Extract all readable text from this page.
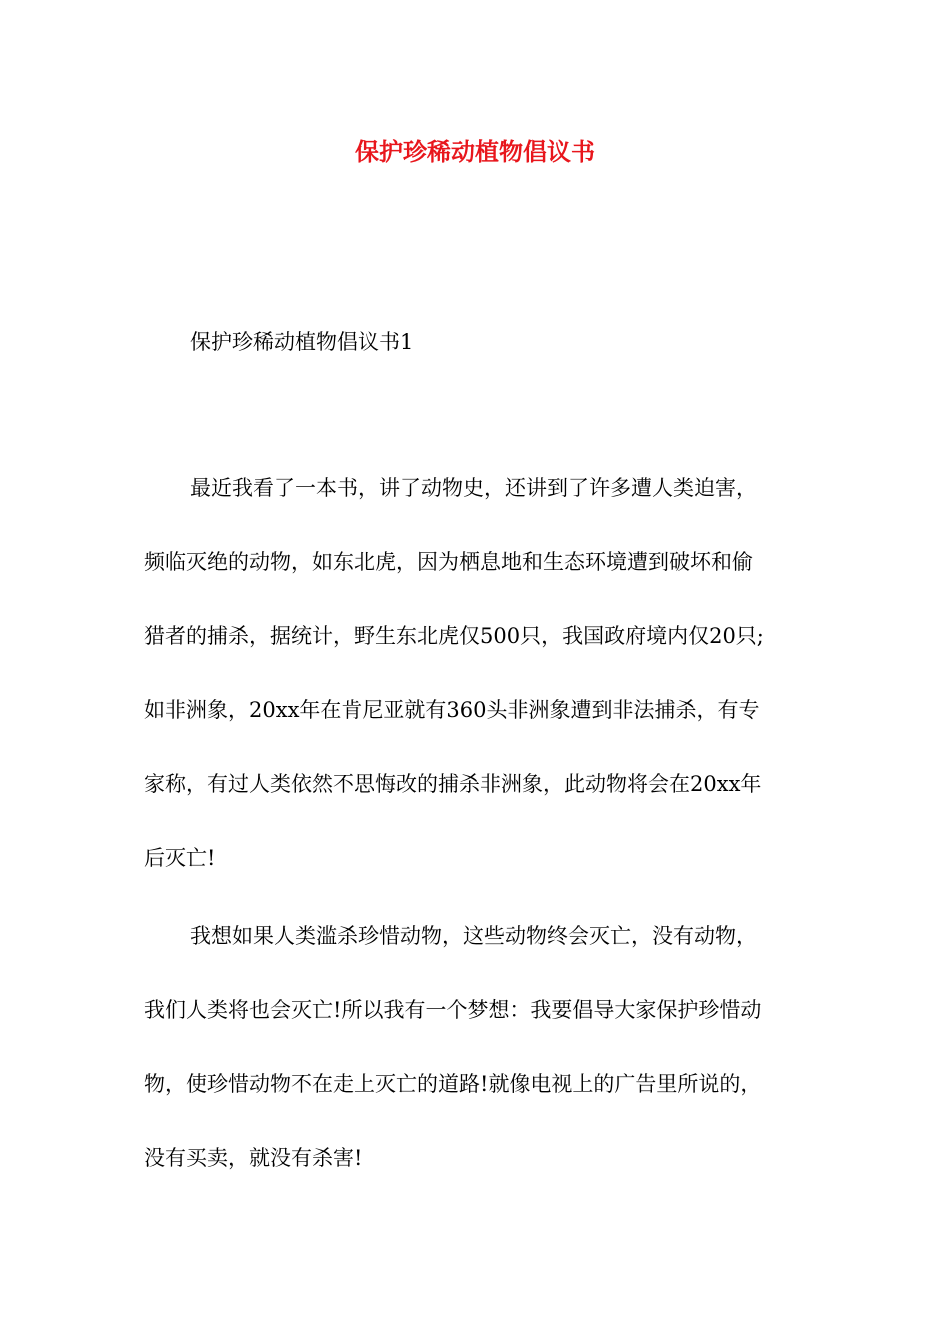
保护珍稀动植物倡议书

保护珍稀动植物倡议书1

最近我看了一本书，讲了动物史，还讲到了许多遭人类迫害，
频临灭绝的动物，如东北虎，因为栖息地和生态环境遭到破坏和偷
猎者的捕杀，据统计，野生东北虎仅500只，我国政府境内仅20只;
如非洲象，20xx年在肯尼亚就有360头非洲象遭到非法捕杀，有专
家称，有过人类依然不思悔改的捕杀非洲象，此动物将会在20xx年
后灭亡!
我想如果人类滥杀珍惜动物，这些动物终会灭亡，没有动物，
我们人类将也会灭亡!所以我有一个梦想：我要倡导大家保护珍惜动
物，使珍惜动物不在走上灭亡的道路!就像电视上的广告里所说的，
没有买卖，就没有杀害!
